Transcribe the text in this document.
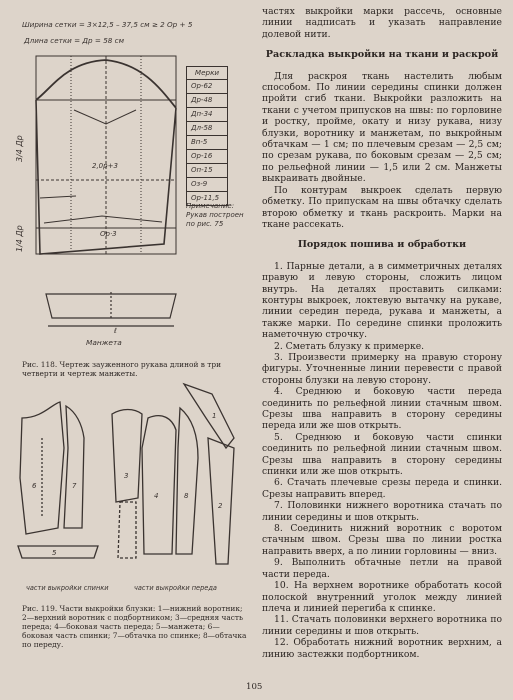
Ширина сетки = 3×12,5 – 37,5 см ≥ 2 Ор + 5
Длина сетки = Др = 58 см
3/4 Др
1/4 Др
2,0р+3
Ор·3
Мерки
Ор-62
Др-48
Дп-34
Дл-58
Вп-5
Ор-16
Оп-15
Оз-9
Ор-11,5
Примечание:
Рукав построен
по рис. 75
ℓ
Манжета
Рис. 118. Чертеж зауженного рукава длиной в три четверти и чертеж манжеты.
6	7
3
4	8
1
2
5
части выкройки спинки	части выкройки переда
Рис. 119. Части выкройки блузки: 1—нижний воротник; 2—верхний воротник с подбортником; 3—средняя часть переда; 4—боковая часть переда; 5—манжета; 6—боковая часть спинки; 7—обтачка по спинке; 8—обтачка по переду.

частях выкройки марки рассечь, основные линии надписать и указать направление долевой нити.

Раскладка выкройки на ткани и раскрой

Для раскроя ткань настелить любым способом. По линии середины спинки должен пройти сгиб ткани. Выкройки разложить на ткани с учетом припусков на швы: по горловине и ростку, пройме, окату и низу рукава, низу блузки, воротнику и манжетам, по выкройным обтачкам — 1 см; по плечевым срезам — 2,5 см; по срезам рукава, по боковым срезам — 2,5 см; по рельефной линии — 1,5 или 2 см. Манжеты выкраивать двойные.

По контурам выкроек сделать первую обметку. По припускам на швы обтачку сделать второю обметку и ткань раскроить. Марки на ткане рассекать.

Порядок пошива и обработки

1. Парные детали, а в симметричных деталях правую и левую стороны, сложить лицом внутрь. На деталях проставить силками: контуры выкроек, локтевую вытачку на рукаве, линии середин переда, рукава и манжеты, а также марки. По середине спинки проложить наметочную строчку.

2. Сметать блузку к примерке.

3. Произвести примерку на правую сторону фигуры. Уточненные линии перевести с правой стороны блузки на левую сторону.

4. Среднюю и боковую части переда соединить по рельефной линии стачным швом. Срезы шва направить в сторону середины переда или же шов открыть.

5. Среднюю и боковую части спинки соединить по рельефной линии стачным швом. Срезы шва направить в сторону середины спинки или же шов открыть.

6. Стачать плечевые срезы переда и спинки. Срезы направить вперед.

7. Половинки нижнего воротника стачать по линии середины и шов открыть.

8. Соединить нижний воротник с воротом стачным швом. Срезы шва по линии ростка направить вверх, а по линии горловины — вниз.

9. Выполнить обтачные петли на правой части переда.

10. На верхнем воротнике обработать косой полоской внутренний уголок между линией плеча и линией перегиба к спинке.

11. Стачать половинки верхнего воротника по линии середины и шов открыть.

12. Обработать нижний воротник верхним, а линию застежки подбортником.

105
